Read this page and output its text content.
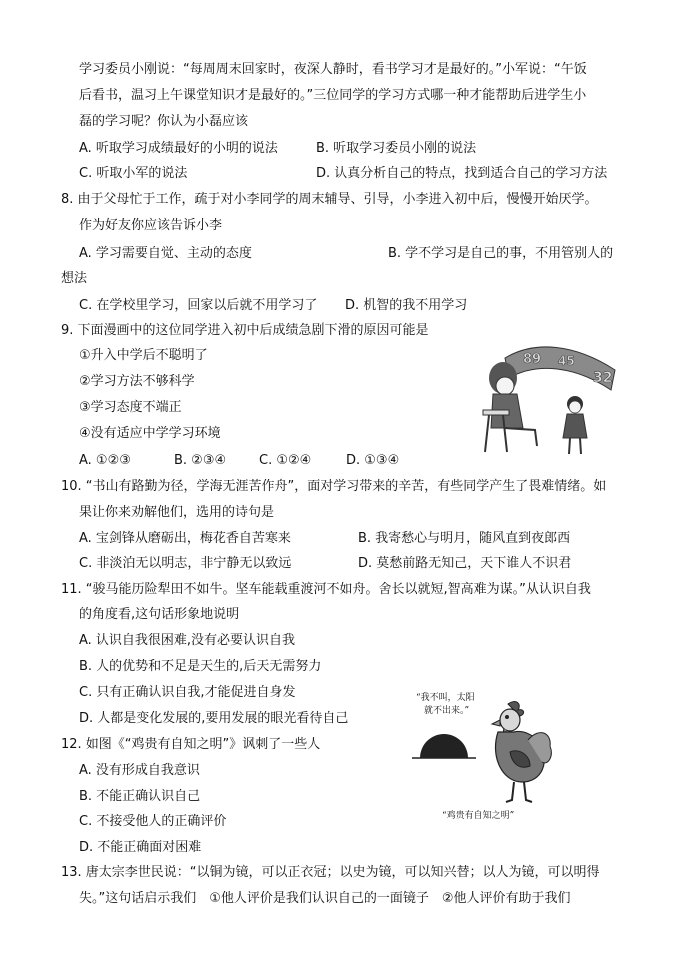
学习委员小刚说：“每周周末回家时，夜深人静时，看书学习才是最好的。”小军说：“午饭
后看书，温习上午课堂知识才是最好的。”三位同学的学习方式哪一种才能帮助后进学生小
磊的学习呢？你认为小磊应该
A. 听取学习成绩最好的小明的说法	B. 听取学习委员小刚的说法
C. 听取小军的说法	D. 认真分析自己的特点，找到适合自己的学习方法
8. 由于父母忙于工作，疏于对小李同学的周末辅导、引导，小李进入初中后，慢慢开始厌学。
作为好友你应该告诉小李
A. 学习需要自觉、主动的态度	B. 学不学习是自己的事，不用管别人的
想法
C. 在学校里学习，回家以后就不用学习了 D. 机智的我不用学习
9. 下面漫画中的这位同学进入初中后成绩急剧下滑的原因可能是
①升入中学后不聪明了
②学习方法不够科学
③学习态度不端正
④没有适应中学学习环境
A. ①②③	B. ②③④	C. ①②④	D. ①③④
89 45
32
10. “书山有路勤为径，学海无涯苦作舟”，面对学习带来的辛苦，有些同学产生了畏难情绪。如
果让你来劝解他们，选用的诗句是
A. 宝剑锋从磨砺出，梅花香自苦寒来	B. 我寄愁心与明月，随风直到夜郎西
C. 非淡泊无以明志，非宁静无以致远	D. 莫愁前路无知己，天下谁人不识君
11. “骏马能历险犁田不如牛。坚车能载重渡河不如舟。舍长以就短,智高难为谋。”从认识自我
的角度看,这句话形象地说明
A. 认识自我很困难,没有必要认识自我
B. 人的优势和不足是天生的,后天无需努力
C. 只有正确认识自我,才能促进自身发
D. 人都是变化发展的,要用发展的眼光看待自己
12. 如图《“鸡贵有自知之明”》讽刺了一些人
A. 没有形成自我意识
B. 不能正确认识自己
C. 不接受他人的正确评价
D. 不能正确面对困难
“我不叫，太阳
就不出来。”
“鸡贵有自知之明”
13. 唐太宗李世民说：“以铜为镜，可以正衣冠；以史为镜，可以知兴替；以人为镜，可以明得
失。”这句话启示我们　①他人评价是我们认识自己的一面镜子　②他人评价有助于我们
